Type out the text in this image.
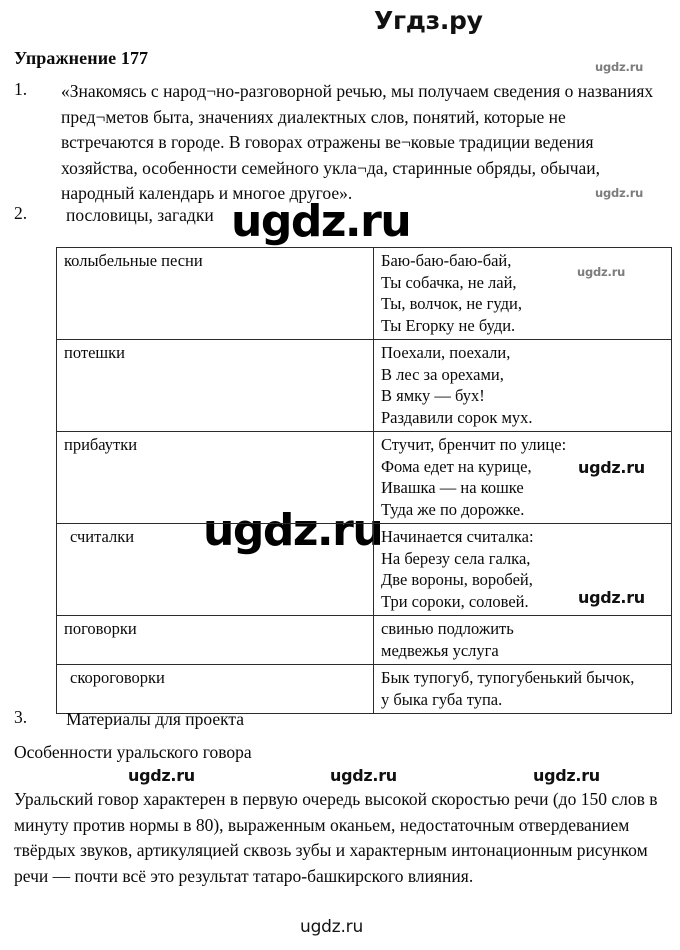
Угдз.ру
ugdz.ru
ugdz.ru
ugdz.ru
ugdz.ru
ugdz.ru
ugdz.ru
ugdz.ru
ugdz.ru	ugdz.ru	ugdz.ru
ugdz.ru
Упражнение 177
1.	«Знакомясь с народ¬но-разговорной речью, мы получаем сведения о названиях пред¬метов быта, значениях диалектных слов, понятий, которые не встречаются в городе. В говорах отражены ве¬ковые традиции ведения хозяйства, особенности семейного укла¬да, старинные обряды, обычаи, народный календарь и многое другое».
2.	пословицы, загадки
колыбельные песни	Баю-баю-баю-бай,
Ты собачка, не лай,
Ты, волчок, не гуди,
Ты Егорку не буди.

потешки	Поехали, поехали,
В лес за орехами,
В ямку — бух!
Раздавили сорок мух.

прибаутки	Стучит, бренчит по улице:
Фома едет на курице,
Ивашка — на кошке
Туда же по дорожке.

считалки	Начинается считалка:
На березу села галка,
Две вороны, воробей,
Три сороки, соловей.

поговорки	свинью подложить
медвежья услуга

скороговорки	Бык тупогуб, тупогубенький бычок,
у быка губа тупа.
3.	Материалы для проекта
Особенности уральского говора
Уральский говор характерен в первую очередь высокой скоростью речи (до 150 слов в минуту против нормы в 80), выраженным оканьем, недостаточным отвердеванием твёрдых звуков, артикуляцией сквозь зубы и характерным интонационным рисунком речи — почти всё это результат татаро-башкирского влияния.
